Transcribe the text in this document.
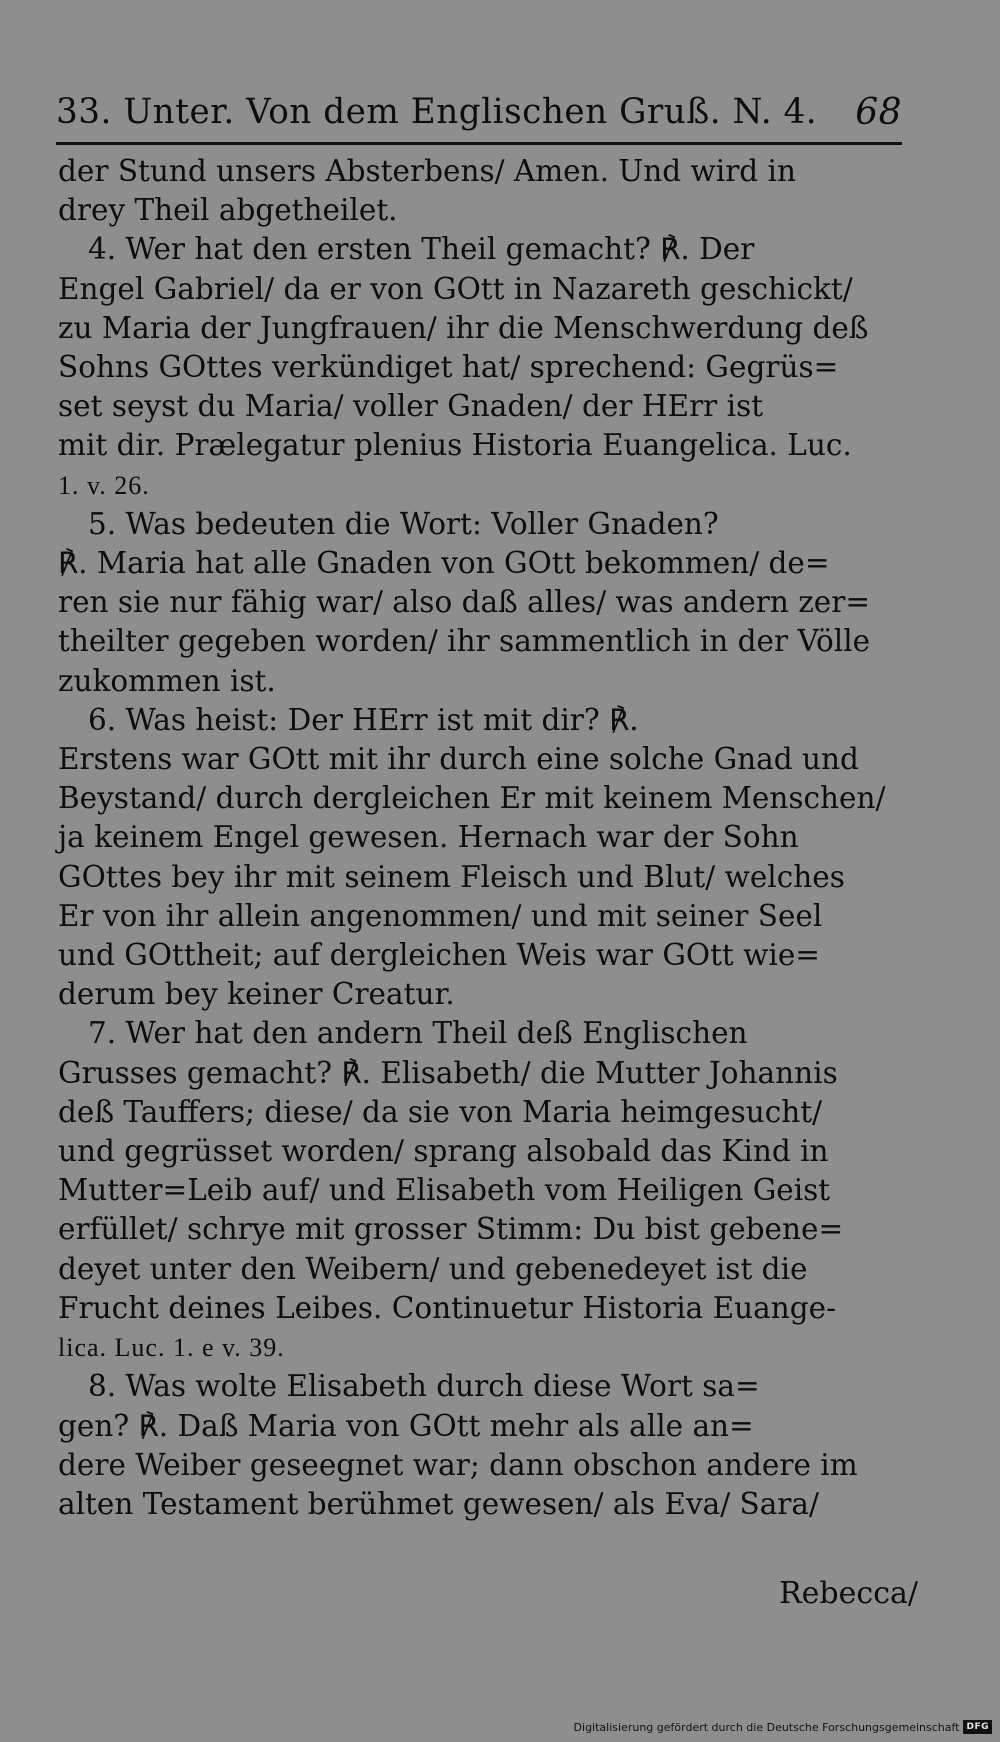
33. Unter. Von dem Englischen Gruß. N. 4. 68
der Stund unsers Absterbens/ Amen. Und wird in
drey Theil abgetheilet.
4. Wer hat den ersten Theil gemacht? ℟. Der
Engel Gabriel/ da er von GOtt in Nazareth geschickt/
zu Maria der Jungfrauen/ ihr die Menschwerdung deß
Sohns GOttes verkündiget hat/ sprechend: Gegrüs=
set seyst du Maria/ voller Gnaden/ der HErr ist
mit dir. Prælegatur plenius Historia Euangelica. Luc.
1. v. 26.
5. Was bedeuten die Wort: Voller Gnaden?
℟. Maria hat alle Gnaden von GOtt bekommen/ de=
ren sie nur fähig war/ also daß alles/ was andern zer=
theilter gegeben worden/ ihr sammentlich in der Völle
zukommen ist.
6. Was heist: Der HErr ist mit dir? ℟.
Erstens war GOtt mit ihr durch eine solche Gnad und
Beystand/ durch dergleichen Er mit keinem Menschen/
ja keinem Engel gewesen. Hernach war der Sohn
GOttes bey ihr mit seinem Fleisch und Blut/ welches
Er von ihr allein angenommen/ und mit seiner Seel
und GOttheit; auf dergleichen Weis war GOtt wie=
derum bey keiner Creatur.
7. Wer hat den andern Theil deß Englischen
Grusses gemacht? ℟. Elisabeth/ die Mutter Johannis
deß Tauffers; diese/ da sie von Maria heimgesucht/
und gegrüsset worden/ sprang alsobald das Kind in
Mutter=Leib auf/ und Elisabeth vom Heiligen Geist
erfüllet/ schrye mit grosser Stimm: Du bist gebene=
deyet unter den Weibern/ und gebenedeyet ist die
Frucht deines Leibes. Continuetur Historia Euange-
lica. Luc. 1. e v. 39.
8. Was wolte Elisabeth durch diese Wort sa=
gen? ℟. Daß Maria von GOtt mehr als alle an=
dere Weiber geseegnet war; dann obschon andere im
alten Testament berühmet gewesen/ als Eva/ Sara/
Rebecca/
Digitalisierung gefördert durch die Deutsche Forschungsgemeinschaft DFG
